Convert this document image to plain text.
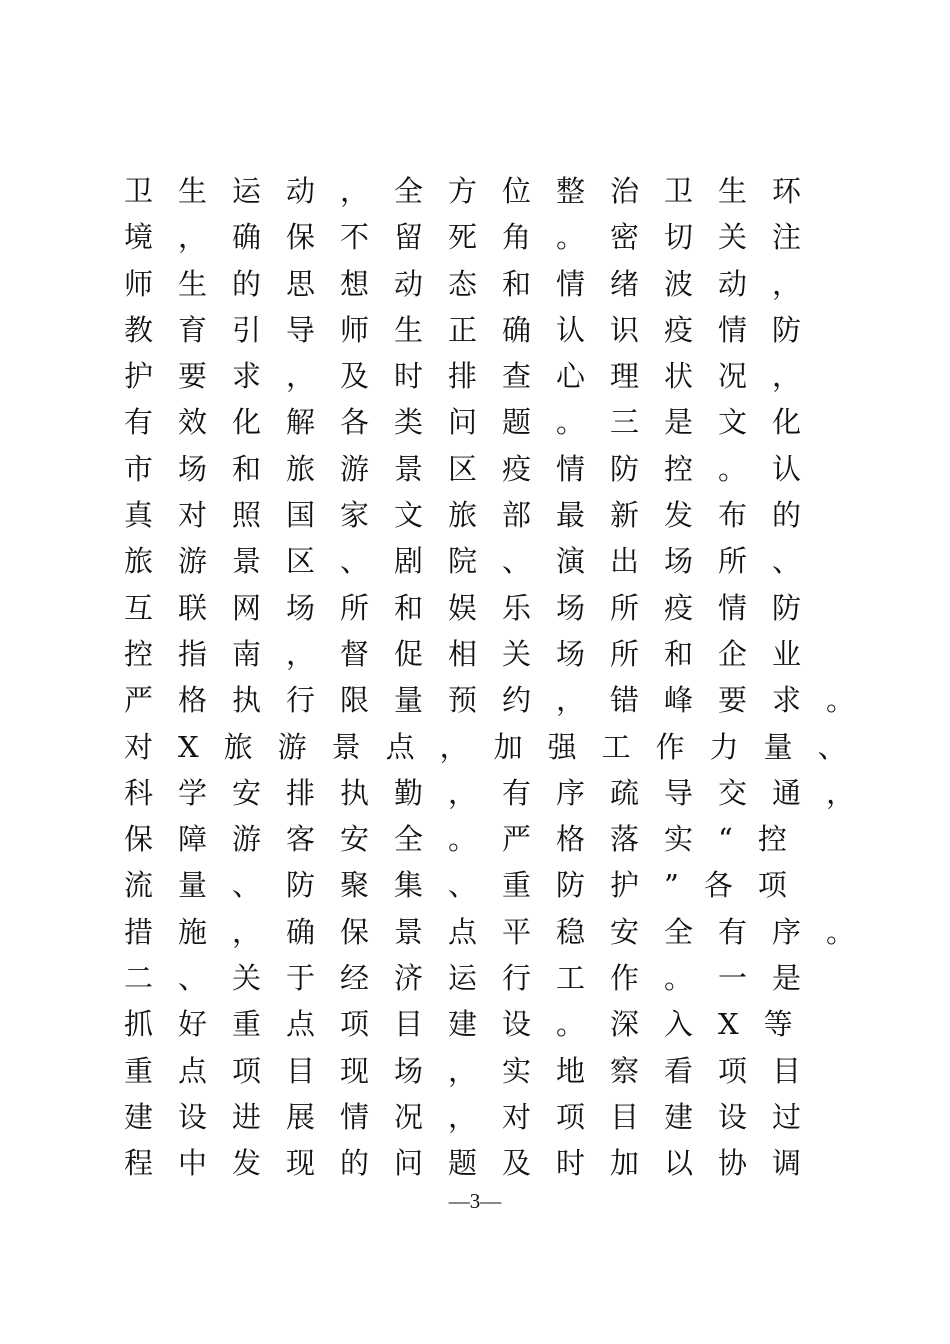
卫生运动，全方位整治卫生环
境，确保不留死角。密切关注
师生的思想动态和情绪波动，
教育引导师生正确认识疫情防
护要求，及时排查心理状况，
有效化解各类问题。三是文化
市场和旅游景区疫情防控。认
真对照国家文旅部最新发布的
旅游景区、剧院、演出场所、
互联网场所和娱乐场所疫情防
控指南，督促相关场所和企业
严格执行限量预约，错峰要求。
对X旅游景点，加强工作力量、
科学安排执勤，有序疏导交通，
保障游客安全。严格落实“控
流量、防聚集、重防护”各项
措施，确保景点平稳安全有序。
二、关于经济运行工作。一是
抓好重点项目建设。深入X等
重点项目现场，实地察看项目
建设进展情况，对项目建设过
程中发现的问题及时加以协调
—3—
